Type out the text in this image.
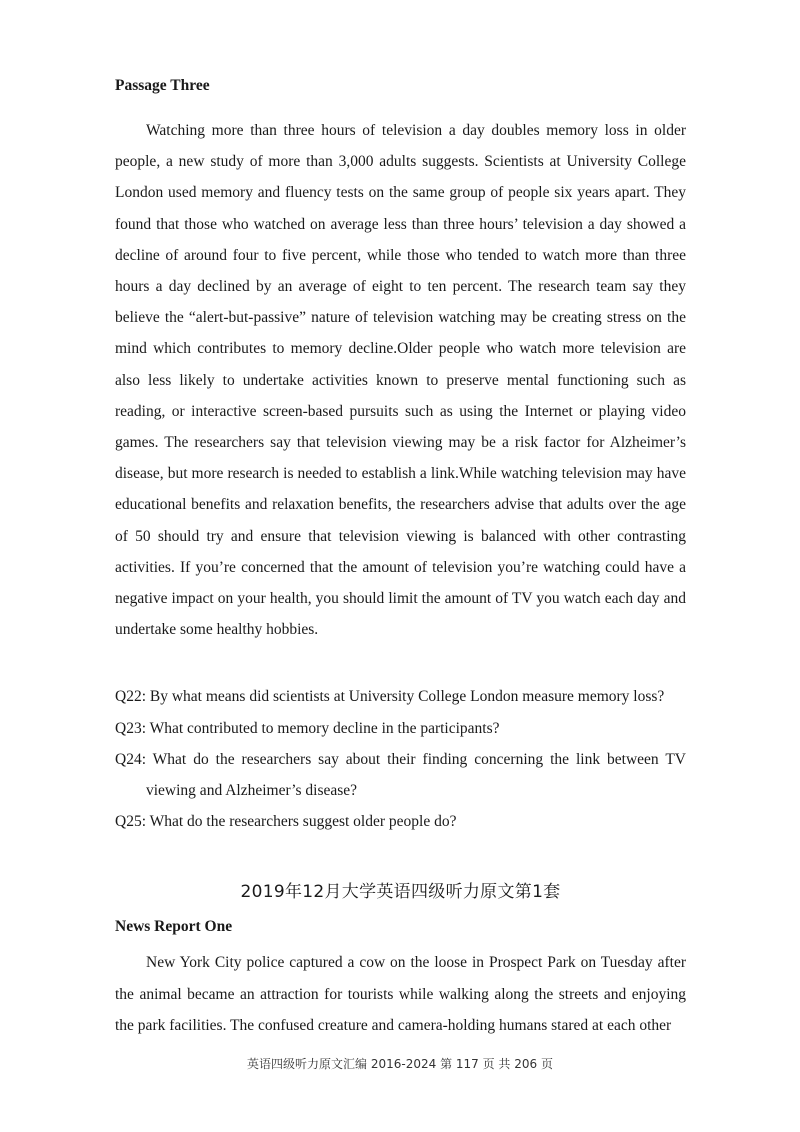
Passage Three

Watching more than three hours of television a day doubles memory loss in older people, a new study of more than 3,000 adults suggests. Scientists at University College London used memory and fluency tests on the same group of people six years apart. They found that those who watched on average less than three hours’ television a day showed a decline of around four to five percent, while those who tended to watch more than three hours a day declined by an average of eight to ten percent. The research team say they believe the “alert-but-passive” nature of television watching may be creating stress on the mind which contributes to memory decline.Older people who watch more television are also less likely to undertake activities known to preserve mental functioning such as reading, or interactive screen-based pursuits such as using the Internet or playing video games. The researchers say that television viewing may be a risk factor for Alzheimer’s disease, but more research is needed to establish a link.While watching television may have educational benefits and relaxation benefits, the researchers advise that adults over the age of 50 should try and ensure that television viewing is balanced with other contrasting activities. If you’re concerned that the amount of television you’re watching could have a negative impact on your health, you should limit the amount of TV you watch each day and undertake some healthy hobbies.

Q22: By what means did scientists at University College London measure memory loss?

Q23: What contributed to memory decline in the participants?

Q24: What do the researchers say about their finding concerning the link between TV viewing and Alzheimer’s disease?

Q25: What do the researchers suggest older people do?

2019年12月大学英语四级听力原文第1套

News Report One

New York City police captured a cow on the loose in Prospect Park on Tuesday after the animal became an attraction for tourists while walking along the streets and enjoying the park facilities. The confused creature and camera-holding humans stared at each other

英语四级听力原文汇编 2016-2024 第 117 页 共 206 页
